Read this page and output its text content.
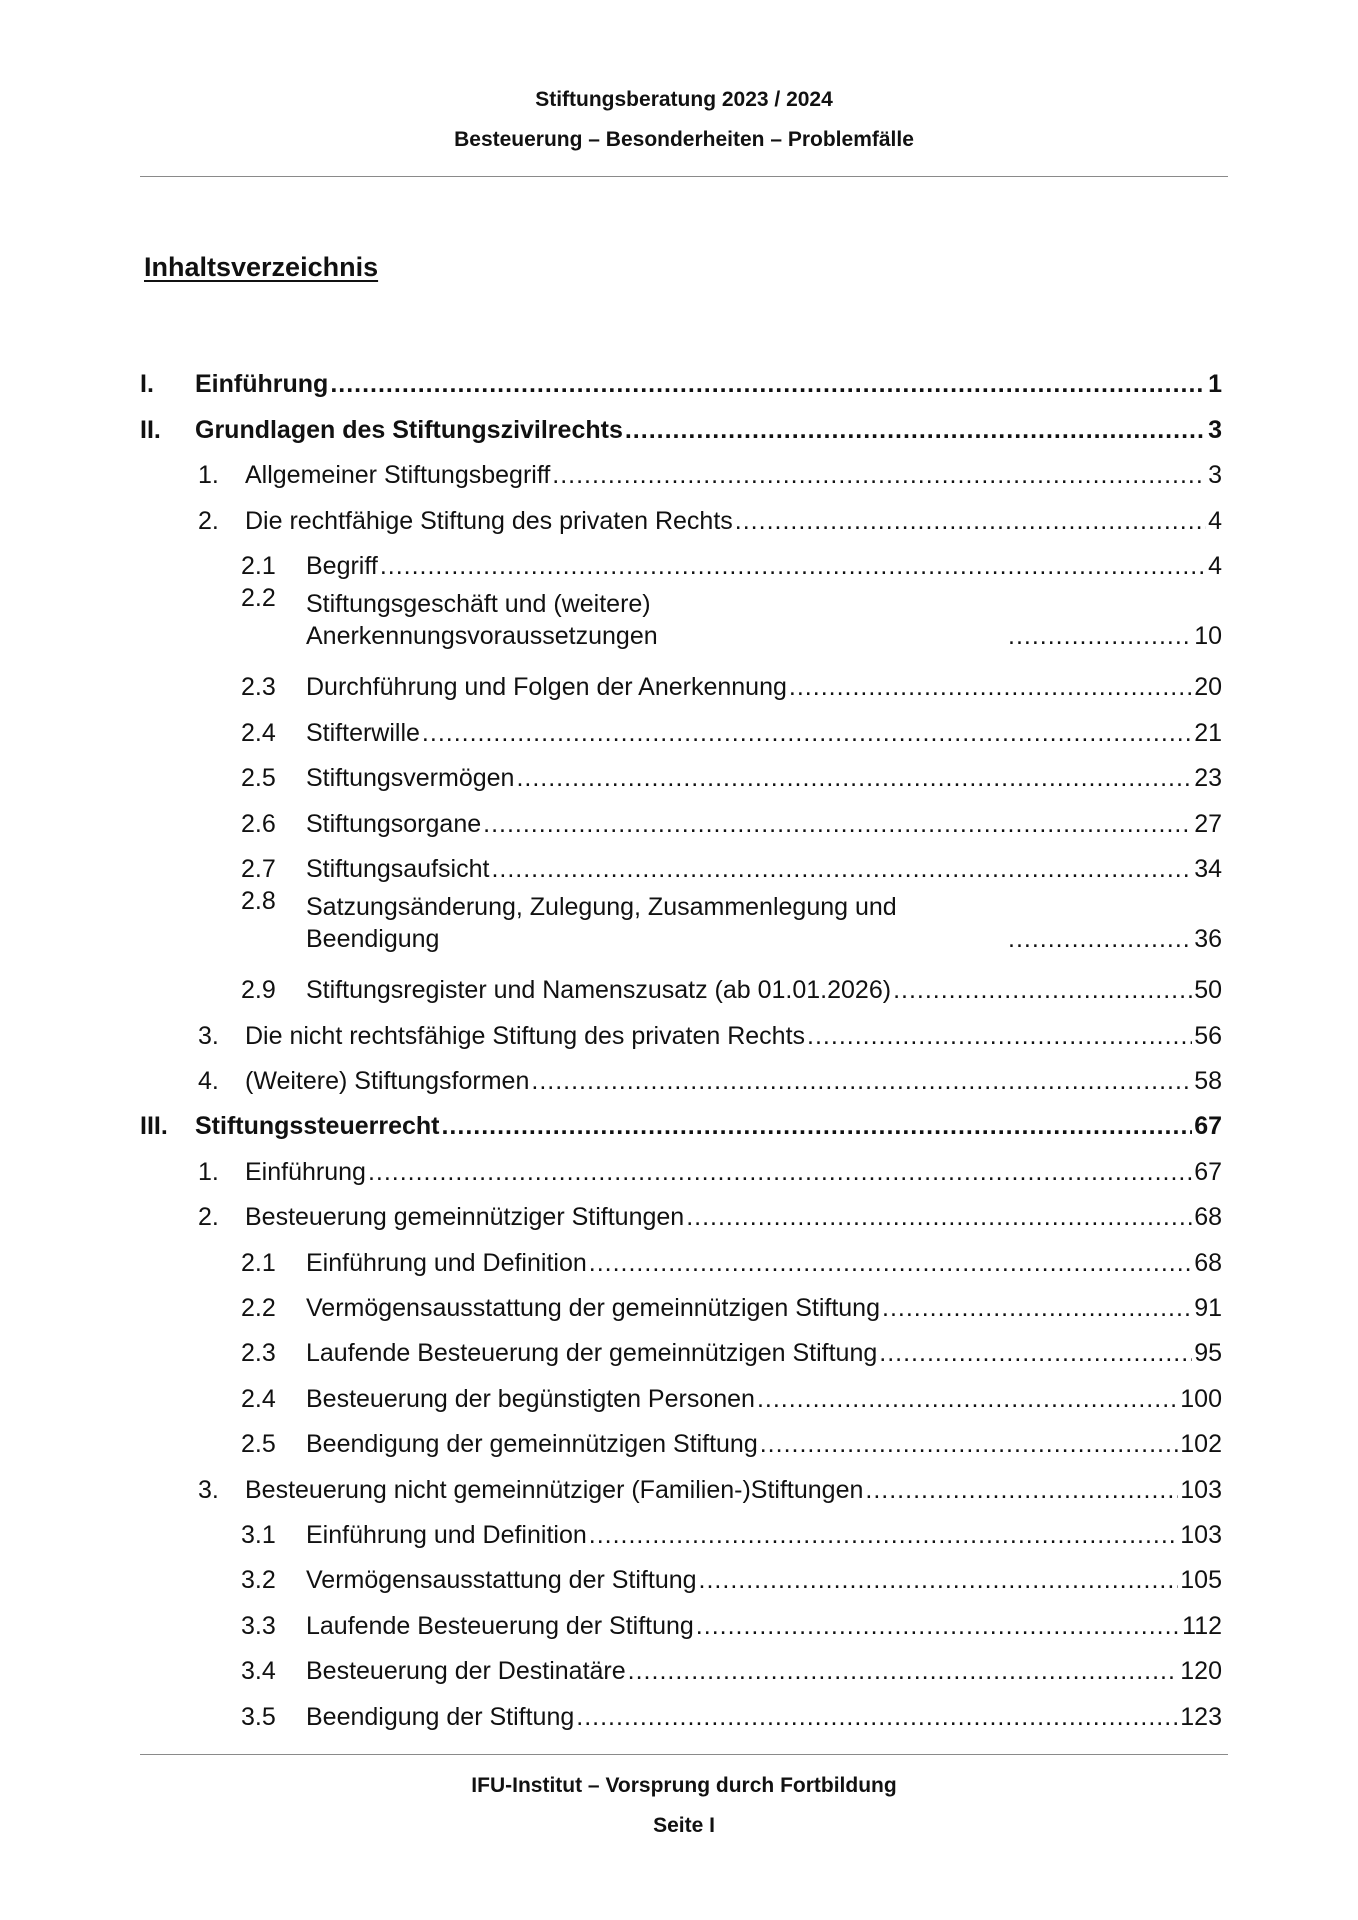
Stiftungsberatung 2023 / 2024
Besteuerung – Besonderheiten – Problemfälle
Inhaltsverzeichnis
I.	Einführung .....	1
II.	Grundlagen des Stiftungszivilrechts .....	3
1.	Allgemeiner Stiftungsbegriff .....	3
2.	Die rechtfähige Stiftung des privaten Rechts .....	4
2.1	Begriff .....	4
2.2	Stiftungsgeschäft und (weitere) Anerkennungsvoraussetzungen .....	10
2.3	Durchführung und Folgen der Anerkennung .....	20
2.4	Stifterwille .....	21
2.5	Stiftungsvermögen .....	23
2.6	Stiftungsorgane .....	27
2.7	Stiftungsaufsicht .....	34
2.8	Satzungsänderung, Zulegung, Zusammenlegung und Beendigung .....	36
2.9	Stiftungsregister und Namenszusatz (ab 01.01.2026) .....	50
3.	Die nicht rechtsfähige Stiftung des privaten Rechts .....	56
4.	(Weitere) Stiftungsformen .....	58
III.	Stiftungssteuerrecht .....	67
1.	Einführung .....	67
2.	Besteuerung gemeinnütziger Stiftungen .....	68
2.1	Einführung und Definition .....	68
2.2	Vermögensausstattung der gemeinnützigen Stiftung .....	91
2.3	Laufende Besteuerung der gemeinnützigen Stiftung .....	95
2.4	Besteuerung der begünstigten Personen .....	100
2.5	Beendigung der gemeinnützigen Stiftung .....	102
3.	Besteuerung nicht gemeinnütziger (Familien-)Stiftungen .....	103
3.1	Einführung und Definition .....	103
3.2	Vermögensausstattung der Stiftung .....	105
3.3	Laufende Besteuerung der Stiftung .....	112
3.4	Besteuerung der Destinatäre .....	120
3.5	Beendigung der Stiftung .....	123
IFU-Institut – Vorsprung durch Fortbildung
Seite I
